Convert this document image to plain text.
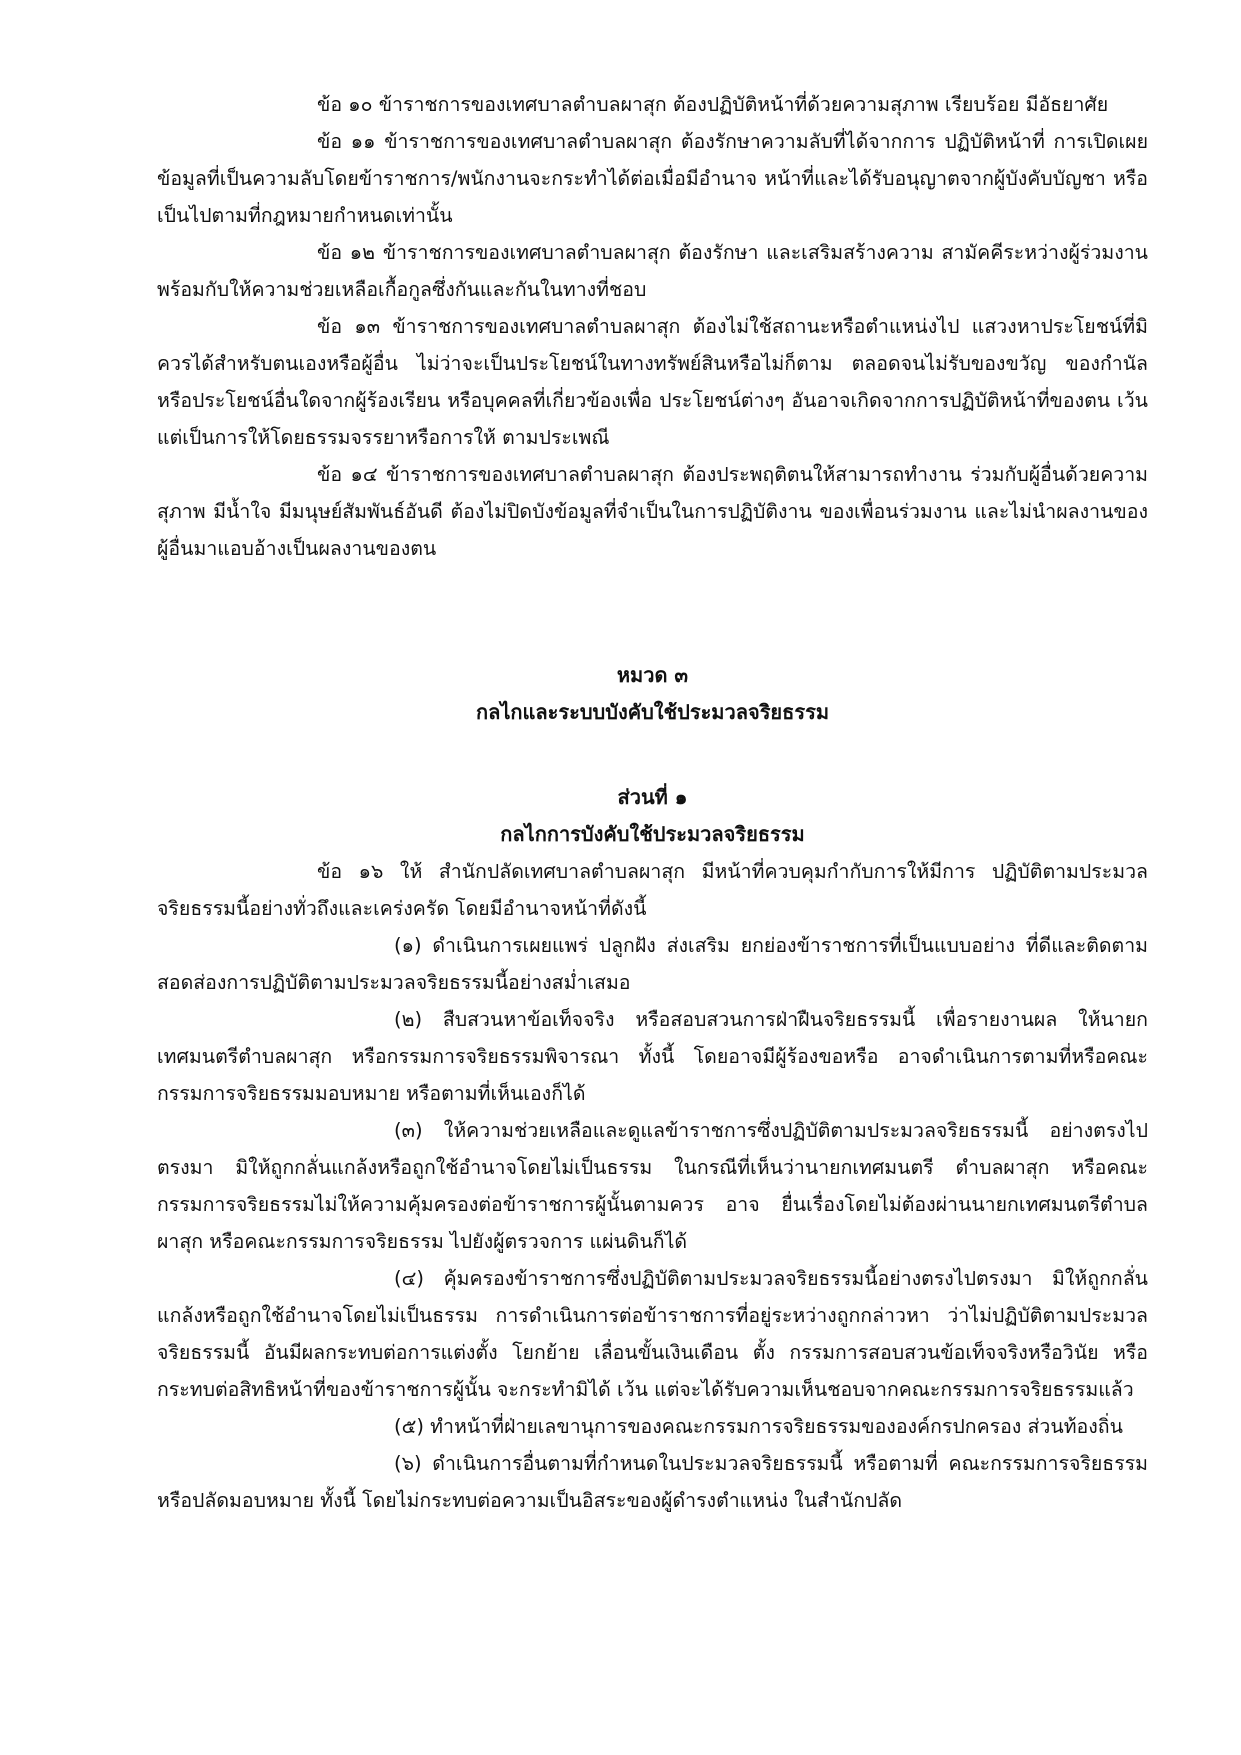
ข้อ ๑๐ ข้าราชการของเทศบาลตำบลผาสุก ต้องปฏิบัติหน้าที่ด้วยความสุภาพ เรียบร้อย มีอัธยาศัย

ข้อ ๑๑ ข้าราชการของเทศบาลตำบลผาสุก ต้องรักษาความลับที่ได้จากการ ปฏิบัติหน้าที่ การเปิดเผยข้อมูลที่เป็นความลับโดยข้าราชการ/พนักงานจะกระทำได้ต่อเมื่อมีอำนาจ หน้าที่และได้รับอนุญาตจากผู้บังคับบัญชา หรือเป็นไปตามที่กฎหมายกำหนดเท่านั้น

ข้อ ๑๒ ข้าราชการของเทศบาลตำบลผาสุก ต้องรักษา และเสริมสร้างความ สามัคคีระหว่างผู้ร่วมงาน พร้อมกับให้ความช่วยเหลือเกื้อกูลซึ่งกันและกันในทางที่ชอบ

ข้อ ๑๓ ข้าราชการของเทศบาลตำบลผาสุก ต้องไม่ใช้สถานะหรือตำแหน่งไป แสวงหาประโยชน์ที่มิควรได้สำหรับตนเองหรือผู้อื่น ไม่ว่าจะเป็นประโยชน์ในทางทรัพย์สินหรือไม่ก็ตาม ตลอดจนไม่รับของขวัญ ของกำนัล หรือประโยชน์อื่นใดจากผู้ร้องเรียน หรือบุคคลที่เกี่ยวข้องเพื่อ ประโยชน์ต่างๆ อันอาจเกิดจากการปฏิบัติหน้าที่ของตน เว้นแต่เป็นการให้โดยธรรมจรรยาหรือการให้ ตามประเพณี

ข้อ ๑๔ ข้าราชการของเทศบาลตำบลผาสุก ต้องประพฤติตนให้สามารถทำงาน ร่วมกับผู้อื่นด้วยความสุภาพ มีน้ำใจ มีมนุษย์สัมพันธ์อันดี ต้องไม่ปิดบังข้อมูลที่จำเป็นในการปฏิบัติงาน ของเพื่อนร่วมงาน และไม่นำผลงานของผู้อื่นมาแอบอ้างเป็นผลงานของตน

หมวด ๓

กลไกและระบบบังคับใช้ประมวลจริยธรรม

ส่วนที่ ๑

กลไกการบังคับใช้ประมวลจริยธรรม

ข้อ ๑๖ ให้ สำนักปลัดเทศบาลตำบลผาสุก มีหน้าที่ควบคุมกำกับการให้มีการ ปฏิบัติตามประมวลจริยธรรมนี้อย่างทั่วถึงและเคร่งครัด โดยมีอำนาจหน้าที่ดังนี้

(๑) ดำเนินการเผยแพร่ ปลูกฝัง ส่งเสริม ยกย่องข้าราชการที่เป็นแบบอย่าง ที่ดีและติดตามสอดส่องการปฏิบัติตามประมวลจริยธรรมนี้อย่างสม่ำเสมอ

(๒) สืบสวนหาข้อเท็จจริง หรือสอบสวนการฝ่าฝืนจริยธรรมนี้ เพื่อรายงานผล ให้นายกเทศมนตรีตำบลผาสุก หรือกรรมการจริยธรรมพิจารณา ทั้งนี้ โดยอาจมีผู้ร้องขอหรือ อาจดำเนินการตามที่หรือคณะกรรมการจริยธรรมมอบหมาย หรือตามที่เห็นเองก็ได้

(๓) ให้ความช่วยเหลือและดูแลข้าราชการซึ่งปฏิบัติตามประมวลจริยธรรมนี้ อย่างตรงไปตรงมา มิให้ถูกกลั่นแกล้งหรือถูกใช้อำนาจโดยไม่เป็นธรรม ในกรณีที่เห็นว่านายกเทศมนตรี ตำบลผาสุก หรือคณะกรรมการจริยธรรมไม่ให้ความคุ้มครองต่อข้าราชการผู้นั้นตามควร อาจ ยื่นเรื่องโดยไม่ต้องผ่านนายกเทศมนตรีตำบลผาสุก หรือคณะกรรมการจริยธรรม ไปยังผู้ตรวจการ แผ่นดินก็ได้

(๔) คุ้มครองข้าราชการซึ่งปฏิบัติตามประมวลจริยธรรมนี้อย่างตรงไปตรงมา มิให้ถูกกลั่นแกล้งหรือถูกใช้อำนาจโดยไม่เป็นธรรม การดำเนินการต่อข้าราชการที่อยู่ระหว่างถูกกล่าวหา ว่าไม่ปฏิบัติตามประมวลจริยธรรมนี้ อันมีผลกระทบต่อการแต่งตั้ง โยกย้าย เลื่อนขั้นเงินเดือน ตั้ง กรรมการสอบสวนข้อเท็จจริงหรือวินัย หรือกระทบต่อสิทธิหน้าที่ของข้าราชการผู้นั้น จะกระทำมิได้ เว้น แต่จะได้รับความเห็นชอบจากคณะกรรมการจริยธรรมแล้ว

(๕) ทำหน้าที่ฝ่ายเลขานุการของคณะกรรมการจริยธรรมขององค์กรปกครอง ส่วนท้องถิ่น

(๖) ดำเนินการอื่นตามที่กำหนดในประมวลจริยธรรมนี้ หรือตามที่ คณะกรรมการจริยธรรมหรือปลัดมอบหมาย ทั้งนี้ โดยไม่กระทบต่อความเป็นอิสระของผู้ดำรงตำแหน่ง ในสำนักปลัด
